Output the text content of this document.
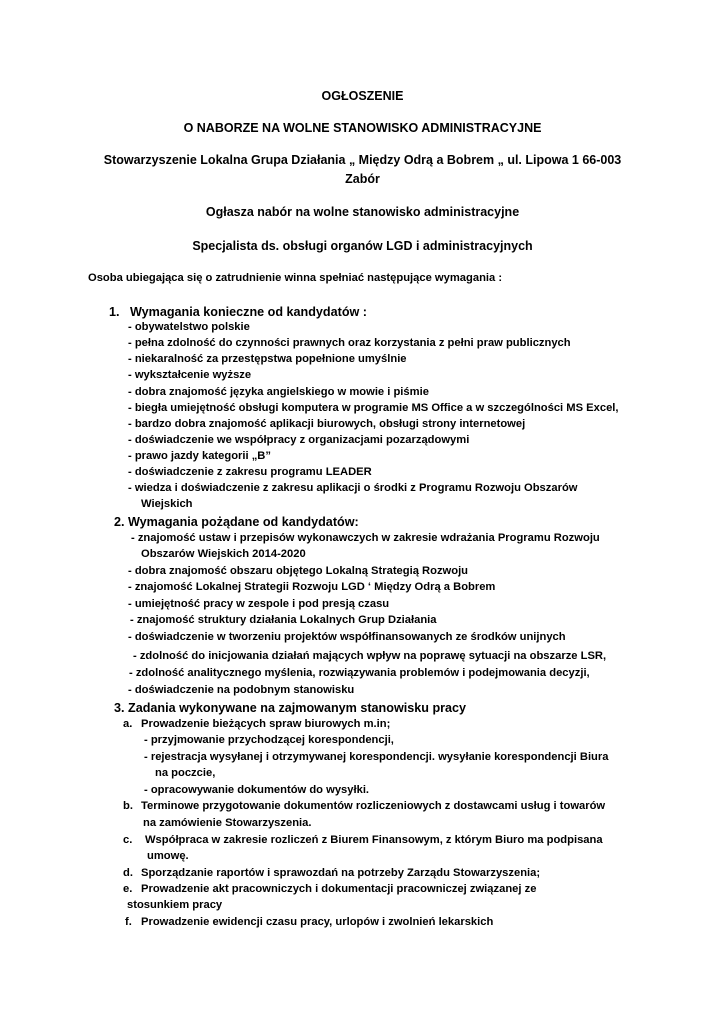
OGŁOSZENIE
O NABORZE NA WOLNE STANOWISKO ADMINISTRACYJNE
Stowarzyszenie Lokalna Grupa Działania „ Między Odrą a Bobrem „ ul. Lipowa 1 66-003
Zabór
Ogłasza nabór na wolne stanowisko administracyjne
Specjalista ds. obsługi organów LGD i administracyjnych
Osoba ubiegająca się o zatrudnienie winna spełniać następujące wymagania :
1. Wymagania konieczne od kandydatów :
- obywatelstwo polskie
- pełna zdolność do czynności prawnych oraz korzystania z pełni praw publicznych
- niekaralność za przestępstwa popełnione umyślnie
- wykształcenie wyższe
- dobra znajomość języka angielskiego w mowie i piśmie
- biegła umiejętność obsługi komputera w programie MS Office a w szczególności MS Excel,
- bardzo dobra znajomość aplikacji biurowych, obsługi strony internetowej
- doświadczenie we współpracy z organizacjami pozarządowymi
- prawo jazdy kategorii „B”
- doświadczenie z zakresu programu LEADER
- wiedza i doświadczenie z zakresu aplikacji o środki z Programu Rozwoju Obszarów
Wiejskich
2. Wymagania pożądane od kandydatów:
- znajomość ustaw i przepisów wykonawczych w zakresie wdrażania Programu Rozwoju
Obszarów Wiejskich 2014-2020
- dobra znajomość obszaru objętego Lokalną Strategią Rozwoju
- znajomość Lokalnej Strategii Rozwoju LGD ‘ Między Odrą a Bobrem
- umiejętność pracy w zespole i pod presją czasu
- znajomość struktury działania Lokalnych Grup Działania
- doświadczenie w tworzeniu projektów współfinansowanych ze środków unijnych
- zdolność do inicjowania działań mających wpływ na poprawę sytuacji na obszarze LSR,
- zdolność analitycznego myślenia, rozwiązywania problemów i podejmowania decyzji,
- doświadczenie na podobnym stanowisku
3. Zadania wykonywane na zajmowanym stanowisku pracy
a. Prowadzenie bieżących spraw biurowych m.in;
- przyjmowanie przychodzącej korespondencji,
- rejestracja wysyłanej i otrzymywanej korespondencji. wysyłanie korespondencji Biura
na poczcie,
- opracowywanie dokumentów do wysyłki.
b. Terminowe przygotowanie dokumentów rozliczeniowych z dostawcami usług i towarów
na zamówienie Stowarzyszenia.
c. Współpraca w zakresie rozliczeń z Biurem Finansowym, z którym Biuro ma podpisana
umowę.
d. Sporządzanie raportów i sprawozdań na potrzeby Zarządu Stowarzyszenia;
e. Prowadzenie akt pracowniczych i dokumentacji pracowniczej związanej ze
stosunkiem pracy
f. Prowadzenie ewidencji czasu pracy, urlopów i zwolnień lekarskich
